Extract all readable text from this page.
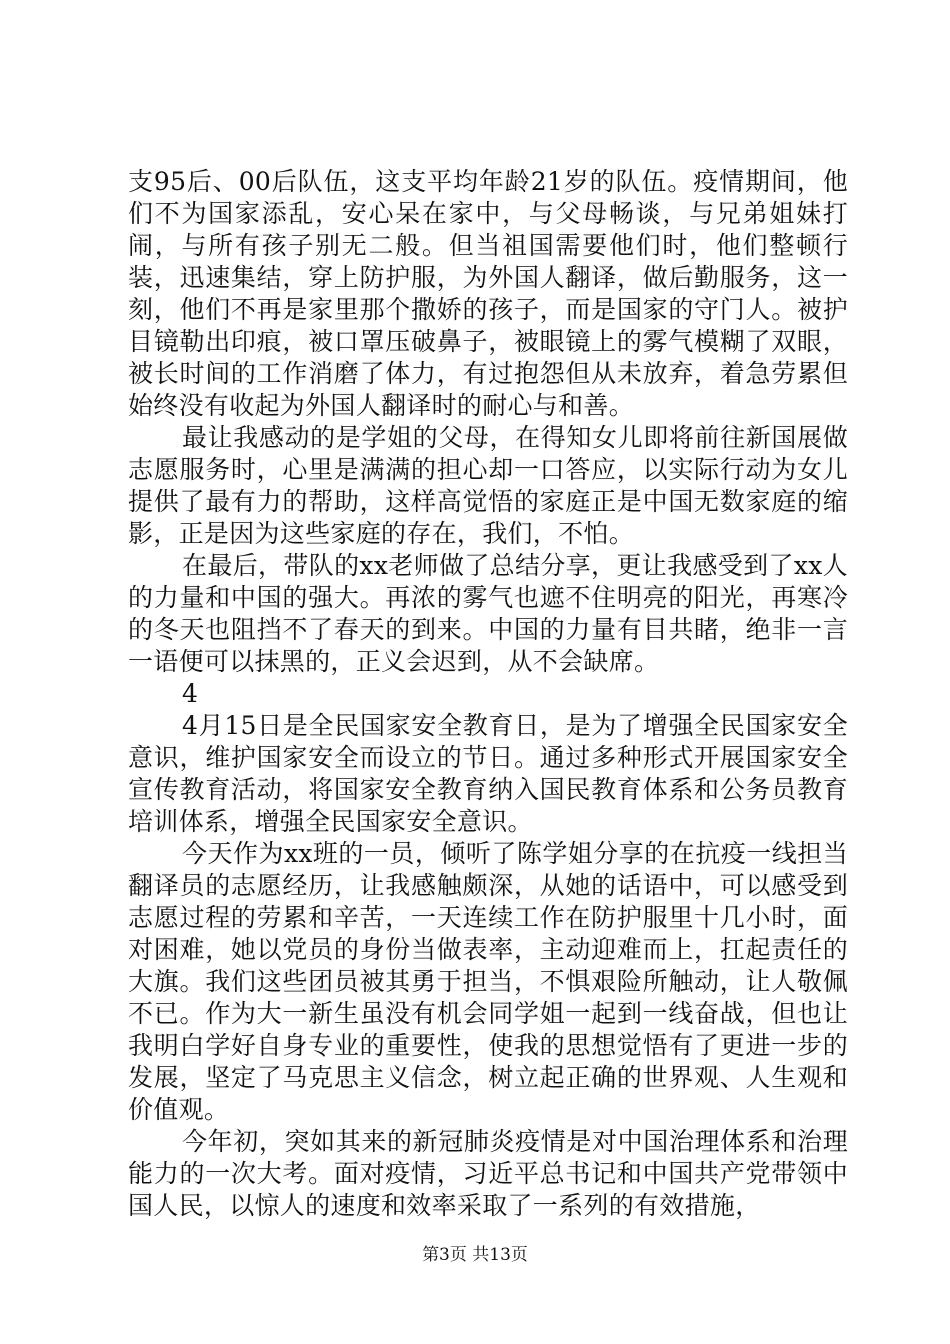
支95后、00后队伍，这支平均年龄21岁的队伍。疫情期间，他们不为国家添乱，安心呆在家中，与父母畅谈，与兄弟姐妹打闹，与所有孩子别无二般。但当祖国需要他们时，他们整顿行装，迅速集结，穿上防护服，为外国人翻译，做后勤服务，这一刻，他们不再是家里那个撒娇的孩子，而是国家的守门人。被护目镜勒出印痕，被口罩压破鼻子，被眼镜上的雾气模糊了双眼，被长时间的工作消磨了体力，有过抱怨但从未放弃，着急劳累但始终没有收起为外国人翻译时的耐心与和善。

最让我感动的是学姐的父母，在得知女儿即将前往新国展做志愿服务时，心里是满满的担心却一口答应，以实际行动为女儿提供了最有力的帮助，这样高觉悟的家庭正是中国无数家庭的缩影，正是因为这些家庭的存在，我们，不怕。

在最后，带队的xx老师做了总结分享，更让我感受到了xx人的力量和中国的强大。再浓的雾气也遮不住明亮的阳光，再寒冷的冬天也阻挡不了春天的到来。中国的力量有目共睹，绝非一言一语便可以抹黑的，正义会迟到，从不会缺席。

4

4月15日是全民国家安全教育日，是为了增强全民国家安全意识，维护国家安全而设立的节日。通过多种形式开展国家安全宣传教育活动，将国家安全教育纳入国民教育体系和公务员教育培训体系，增强全民国家安全意识。

今天作为xx班的一员，倾听了陈学姐分享的在抗疫一线担当翻译员的志愿经历，让我感触颇深，从她的话语中，可以感受到志愿过程的劳累和辛苦，一天连续工作在防护服里十几小时，面对困难，她以党员的身份当做表率，主动迎难而上，扛起责任的大旗。我们这些团员被其勇于担当，不惧艰险所触动，让人敬佩不已。作为大一新生虽没有机会同学姐一起到一线奋战，但也让我明白学好自身专业的重要性，使我的思想觉悟有了更进一步的发展，坚定了马克思主义信念，树立起正确的世界观、人生观和价值观。

今年初，突如其来的新冠肺炎疫情是对中国治理体系和治理能力的一次大考。面对疫情，习近平总书记和中国共产党带领中国人民，以惊人的速度和效率采取了一系列的有效措施，

第3页 共13页
